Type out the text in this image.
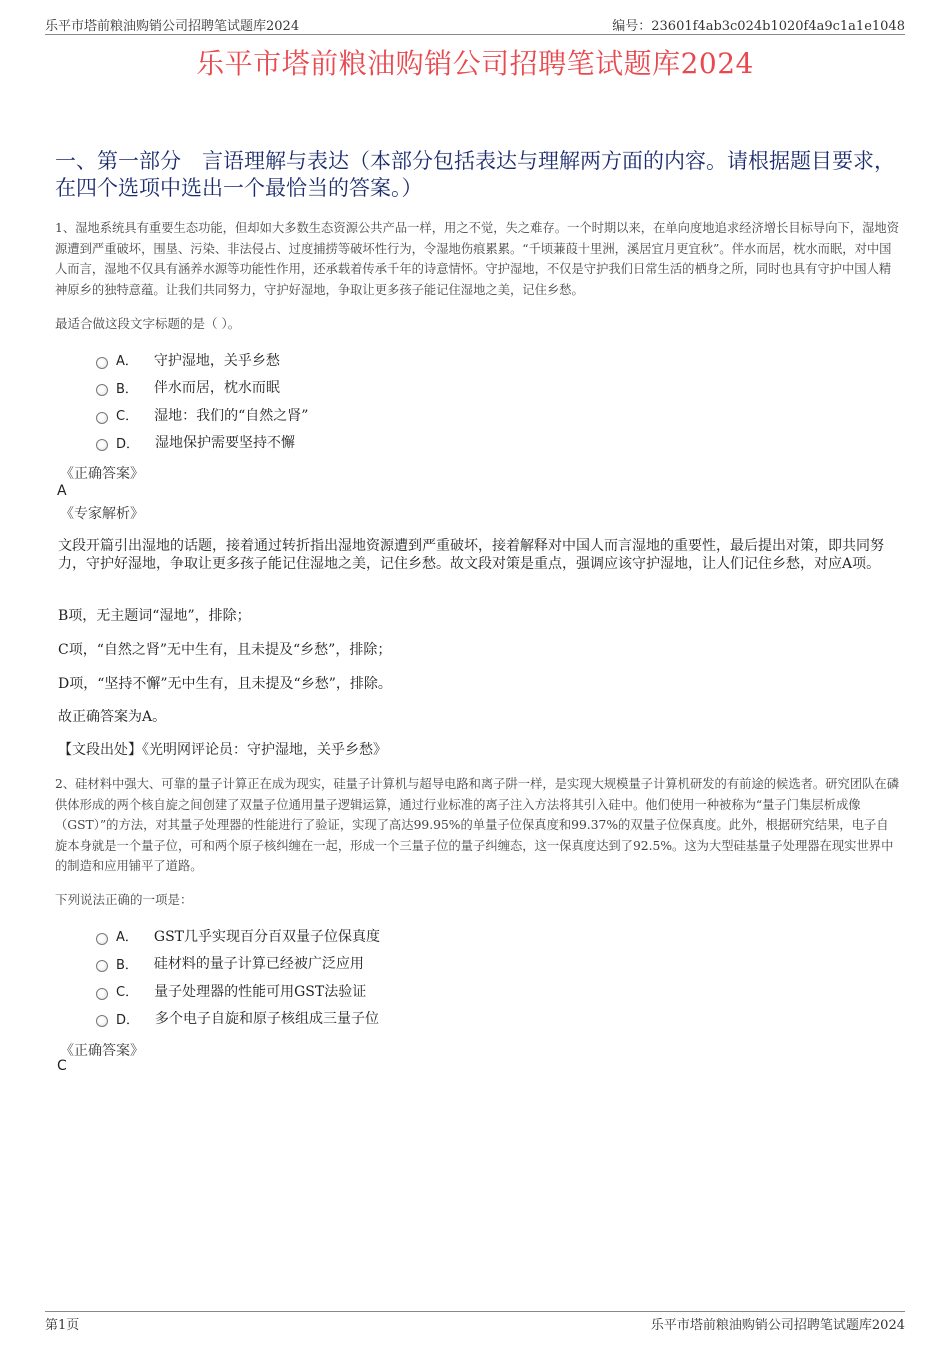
乐平市塔前粮油购销公司招聘笔试题库2024	编号：23601f4ab3c024b1020f4a9c1a1e1048
乐平市塔前粮油购销公司招聘笔试题库2024
一、第一部分　言语理解与表达（本部分包括表达与理解两方面的内容。请根据题目要求，在四个选项中选出一个最恰当的答案。）
1、湿地系统具有重要生态功能，但却如大多数生态资源公共产品一样，用之不觉，失之难存。一个时期以来，在单向度地追求经济增长目标导向下，湿地资源遭到严重破坏，围垦、污染、非法侵占、过度捕捞等破坏性行为，令湿地伤痕累累。“千顷蒹葭十里洲，溪居宜月更宜秋”。伴水而居，枕水而眠，对中国人而言，湿地不仅具有涵养水源等功能性作用，还承载着传承千年的诗意情怀。守护湿地，不仅是守护我们日常生活的栖身之所，同时也具有守护中国人精神原乡的独特意蕴。让我们共同努力，守护好湿地，争取让更多孩子能记住湿地之美，记住乡愁。
最适合做这段文字标题的是（ ）。
A． 守护湿地，关乎乡愁
B． 伴水而居，枕水而眠
C． 湿地：我们的“自然之肾”
D． 湿地保护需要坚持不懈
《正确答案》
A
《专家解析》
文段开篇引出湿地的话题，接着通过转折指出湿地资源遭到严重破坏，接着解释对中国人而言湿地的重要性，最后提出对策，即共同努力，守护好湿地，争取让更多孩子能记住湿地之美，记住乡愁。故文段对策是重点，强调应该守护湿地，让人们记住乡愁，对应A项。
B项，无主题词“湿地”，排除；
C项，“自然之肾”无中生有，且未提及“乡愁”，排除；
D项，“坚持不懈”无中生有，且未提及“乡愁”，排除。
故正确答案为A。
【文段出处】《光明网评论员：守护湿地，关乎乡愁》
2、硅材料中强大、可靠的量子计算正在成为现实，硅量子计算机与超导电路和离子阱一样，是实现大规模量子计算机研发的有前途的候选者。研究团队在磷供体形成的两个核自旋之间创建了双量子位通用量子逻辑运算，通过行业标准的离子注入方法将其引入硅中。他们使用一种被称为“量子门集层析成像（GST）”的方法，对其量子处理器的性能进行了验证，实现了高达99.95%的单量子位保真度和99.37%的双量子位保真度。此外，根据研究结果，电子自旋本身就是一个量子位，可和两个原子核纠缠在一起，形成一个三量子位的量子纠缠态，这一保真度达到了92.5%。这为大型硅基量子处理器在现实世界中的制造和应用铺平了道路。
下列说法正确的一项是：
A． GST几乎实现百分百双量子位保真度
B． 硅材料的量子计算已经被广泛应用
C． 量子处理器的性能可用GST法验证
D． 多个电子自旋和原子核组成三量子位
《正确答案》
C
第1页	乐平市塔前粮油购销公司招聘笔试题库2024
